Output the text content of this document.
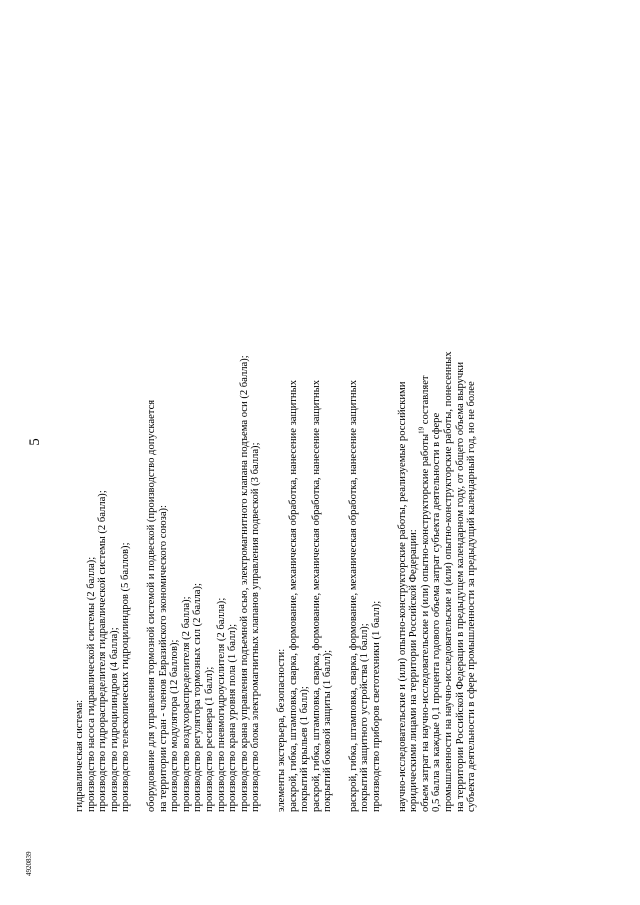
5

гидравлическая система: производство насоса гидравлической системы (2 балла); производство гидрораспределителя гидравлической системы (2 балла); производство гидроцилиндров (4 балла); производство телескопических гидроцилиндров (5 баллов); оборудование для управления тормозной системой и подвеской (производство допускается на территории стран - членов Евразийского экономического союза): производство модулятора (12 баллов); производство воздухораспределителя (2 балла); производство регулятора тормозных сил (2 балла); производство ресивера (1 балл); производство пневмогидроусилителя (2 балла); производство крана уровня пола (1 балл); производство крана управления подъемной осью, электромагнитного клапана подъема оси (2 балла); производство блока электромагнитных клапанов управления подвеской (3 балла); элементы экстерьера, безопасности: раскрой, гибка, штамповка, сварка, формование, механическая обработка, нанесение защитных покрытий крыльев (1 балл); раскрой, гибка, штамповка, сварка, формование, механическая обработка, нанесение защитных покрытий боковой защиты (1 балл); раскрой, гибка, штамповка, сварка, формование, механическая обработка, нанесение защитных покрытий защитного устройства (1 балл); производство приборов светотехники (1 балл); научно-исследовательские и (или) опытно-конструкторские работы, реализуемые российскими юридическими лицами на территории Российской Федерации: объем затрат на научно-исследовательские и (или) опытно-конструкторские работы$^{19}$ составляет

0,5 балла за каждые 0,1 процента годового объема затрат субъекта деятельности в сфере промышленности на научно-исследовательские и (или) опытно-конструкторские работы, понесенных на территории Российской Федерации в предыдущем календарном году, от общего объема выручки субъекта деятельности в сфере промышленности за предыдущий календарный год, но не более

4920839
